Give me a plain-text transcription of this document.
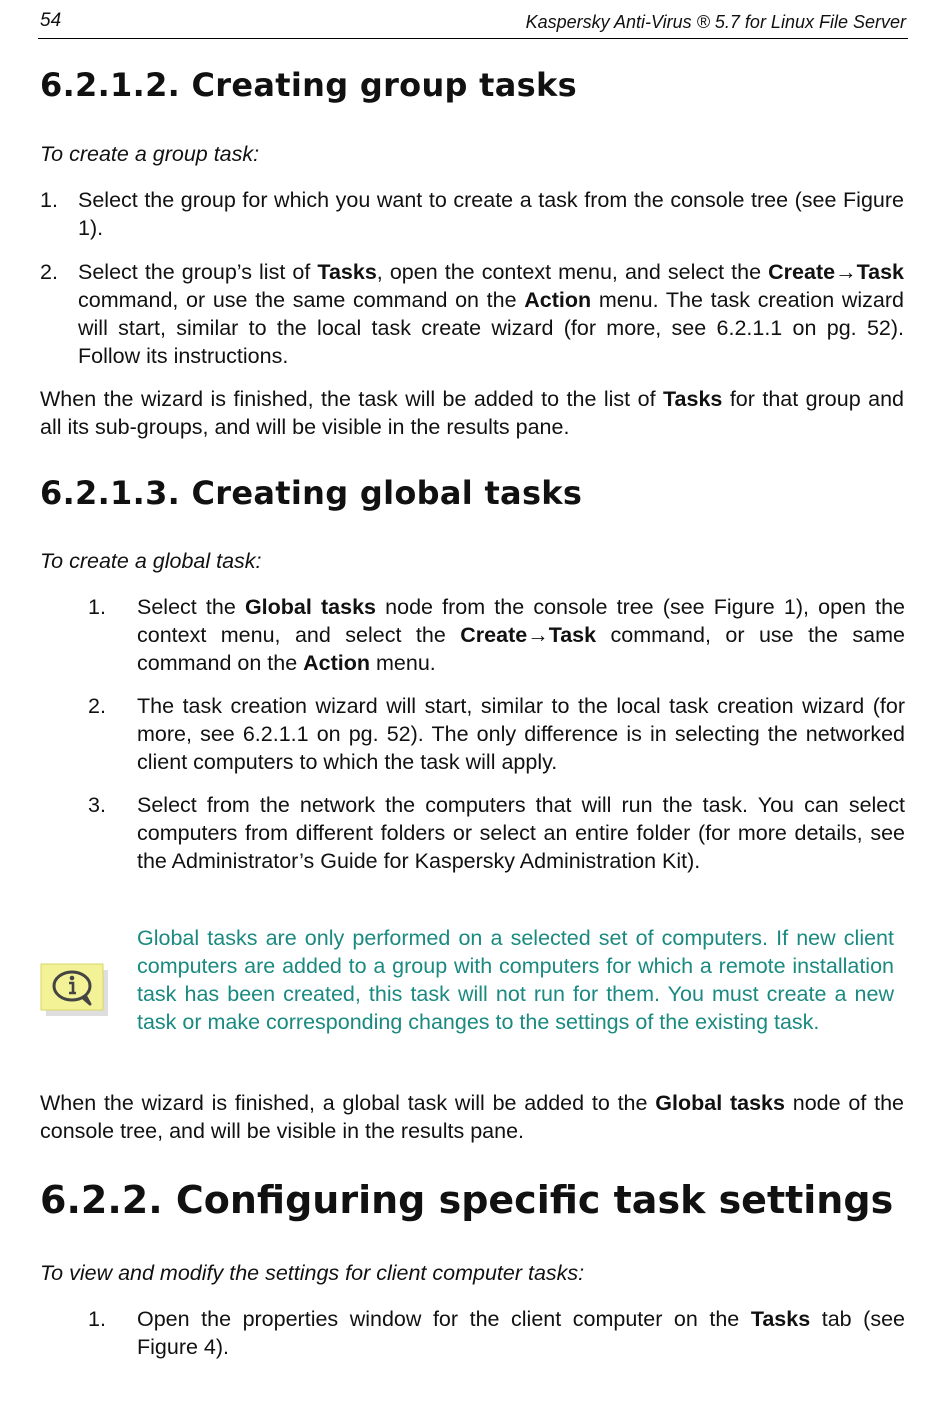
54	Kaspersky Anti-Virus ® 5.7 for Linux File Server
6.2.1.2. Creating group tasks

To create a group task:

1. Select the group for which you want to create a task from the console tree (see Figure 1).

2. Select the group’s list of Tasks, open the context menu, and select the Create→Task command, or use the same command on the Action menu. The task creation wizard will start, similar to the local task create wizard (for more, see 6.2.1.1 on pg. 52). Follow its instructions.

When the wizard is finished, the task will be added to the list of Tasks for that group and all its sub-groups, and will be visible in the results pane.

6.2.1.3. Creating global tasks

To create a global task:

1. Select the Global tasks node from the console tree (see Figure 1), open the context menu, and select the Create→Task command, or use the same command on the Action menu.

2. The task creation wizard will start, similar to the local task creation wizard (for more, see 6.2.1.1 on pg. 52). The only difference is in selecting the networked client computers to which the task will apply.

3. Select from the network the computers that will run the task. You can select computers from different folders or select an entire folder (for more details, see the Administrator’s Guide for Kaspersky Administration Kit).

Global tasks are only performed on a selected set of computers. If new client computers are added to a group with computers for which a remote installation task has been created, this task will not run for them. You must create a new task or make corresponding changes to the settings of the existing task.

When the wizard is finished, a global task will be added to the Global tasks node of the console tree, and will be visible in the results pane.

6.2.2. Configuring specific task settings

To view and modify the settings for client computer tasks:

1. Open the properties window for the client computer on the Tasks tab (see Figure 4).
